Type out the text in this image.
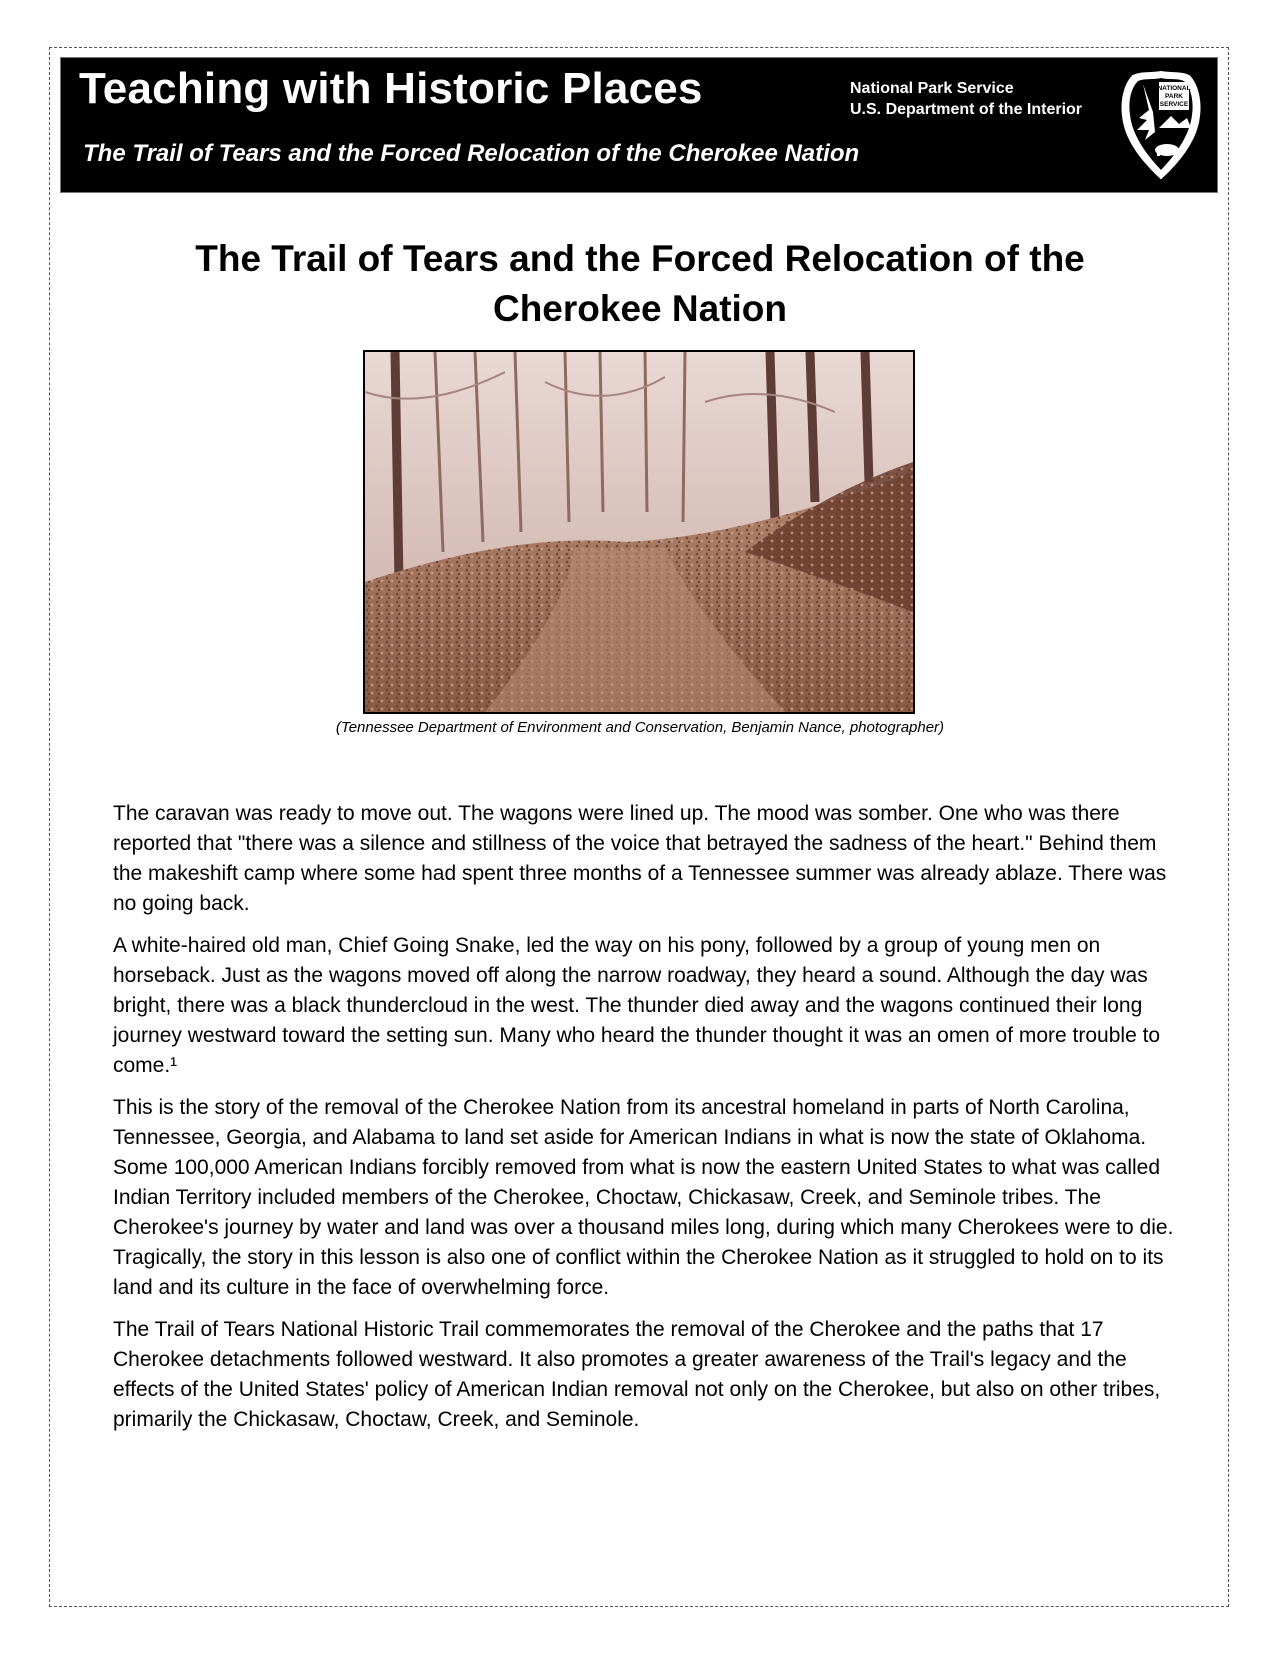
Teaching with Historic Places	National Park Service
U.S. Department of the Interior
The Trail of Tears and the Forced Relocation of the Cherokee Nation
NATIONAL
PARK
SERVICE
The Trail of Tears and the Forced Relocation of the
Cherokee Nation
(Tennessee Department of Environment and Conservation, Benjamin Nance, photographer)

The caravan was ready to move out. The wagons were lined up. The mood was somber. One who was there reported that "there was a silence and stillness of the voice that betrayed the sadness of the heart." Behind them the makeshift camp where some had spent three months of a Tennessee summer was already ablaze. There was no going back.

A white-haired old man, Chief Going Snake, led the way on his pony, followed by a group of young men on horseback. Just as the wagons moved off along the narrow roadway, they heard a sound. Although the day was bright, there was a black thundercloud in the west. The thunder died away and the wagons continued their long journey westward toward the setting sun. Many who heard the thunder thought it was an omen of more trouble to come.¹

This is the story of the removal of the Cherokee Nation from its ancestral homeland in parts of North Carolina, Tennessee, Georgia, and Alabama to land set aside for American Indians in what is now the state of Oklahoma. Some 100,000 American Indians forcibly removed from what is now the eastern United States to what was called Indian Territory included members of the Cherokee, Choctaw, Chickasaw, Creek, and Seminole tribes. The Cherokee's journey by water and land was over a thousand miles long, during which many Cherokees were to die. Tragically, the story in this lesson is also one of conflict within the Cherokee Nation as it struggled to hold on to its land and its culture in the face of overwhelming force.

The Trail of Tears National Historic Trail commemorates the removal of the Cherokee and the paths that 17 Cherokee detachments followed westward. It also promotes a greater awareness of the Trail's legacy and the effects of the United States' policy of American Indian removal not only on the Cherokee, but also on other tribes, primarily the Chickasaw, Choctaw, Creek, and Seminole.
